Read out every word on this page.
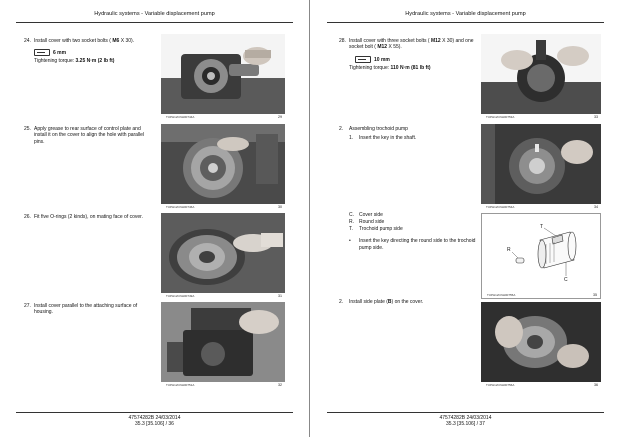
Hydraulic systems - Variable displacement pump
24. Install cover with two socket bolts ( M6 X 30).
6 mm
Tightening torque: 3.25 N·m (2 lb ft)
25. Apply grease to rear surface of control plate and install it on the cover to align the hole with parallel pins.
26. Fit five O-rings (2 kinds), on mating face of cover.
27. Install cover parallel to the attaching surface of housing.
TUPH12CNH00744A	29
TUPH12CNH00746A	30
TUPH12CNH00749A	31
TUPH12CNH00751A	32
47574282B 24/03/2014
35.3 [35.106] / 36
Hydraulic systems - Variable displacement pump
28. Install cover with three socket bolts ( M12 X 30) and one socket bolt ( M12 X 55).
10 mm
Tightening torque: 110 N·m (81 lb ft)
2. Assembling trochoid pump
1. Insert the key in the shaft.
C. Cover side
R. Round side
T. Trochoid pump side
• Insert the key directing the round side to the trochoid pump side.
2. Install side plate (B) on the cover.
TUPH12CNH00753A	33
TUPH12CNH00754A	34
T
R
C
TUPH12CNH00755A	35
TUPH12CNH00756A	36
47574282B 24/03/2014
35.3 [35.106] / 37
